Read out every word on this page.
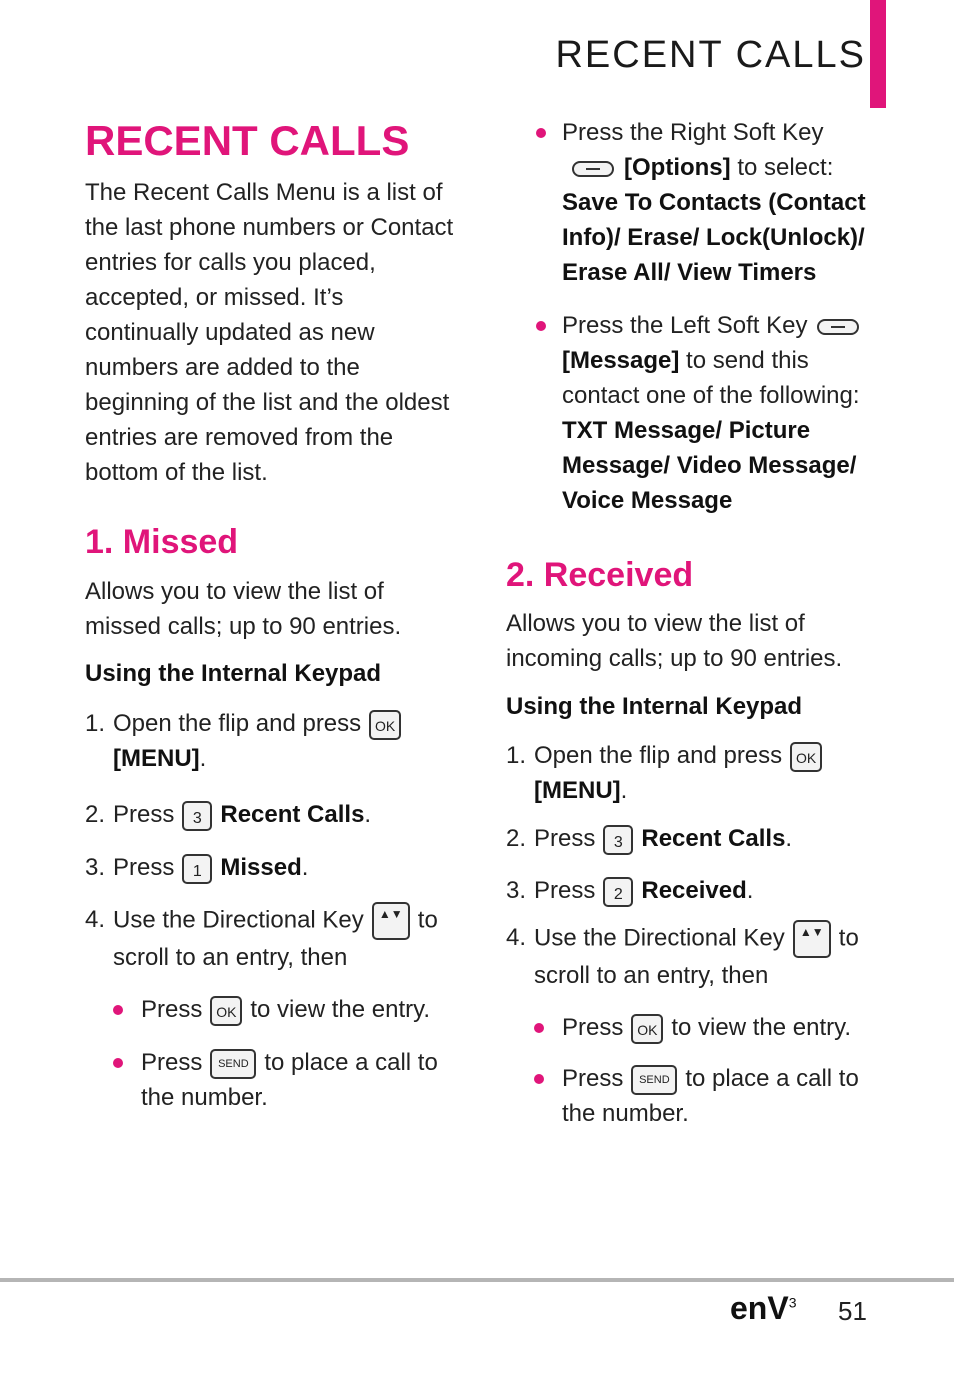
RECENT CALLS
RECENT CALLS

The Recent Calls Menu is a list of the last phone numbers or Contact entries for calls you placed, accepted, or missed. It’s continually updated as new numbers are added to the beginning of the list and the oldest entries are removed from the bottom of the list.

1. Missed

Allows you to view the list of missed calls; up to 90 entries.

Using the Internal Keypad
1. Open the flip and press OK
[MENU].
2. Press 3 Recent Calls.
3. Press 1 Missed.
4. Use the Directional Key ▲▼ to
scroll to an entry, then
Press OK to view the entry.
Press SEND to place a call to
the number.
Press the Right Soft Key
[Options] to select:
Save To Contacts (Contact Info)/ Erase/ Lock(Unlock)/ Erase All/ View Timers
Press the Left Soft Key
[Message] to send this contact one of the following:
TXT Message/ Picture Message/ Video Message/ Voice Message
2. Received

Allows you to view the list of incoming calls; up to 90 entries.

Using the Internal Keypad
1. Open the flip and press OK
[MENU].
2. Press 3 Recent Calls.
3. Press 2 Received.
4. Use the Directional Key ▲▼ to
scroll to an entry, then
Press OK to view the entry.
Press SEND to place a call to
the number.
enV$^3$ 51
